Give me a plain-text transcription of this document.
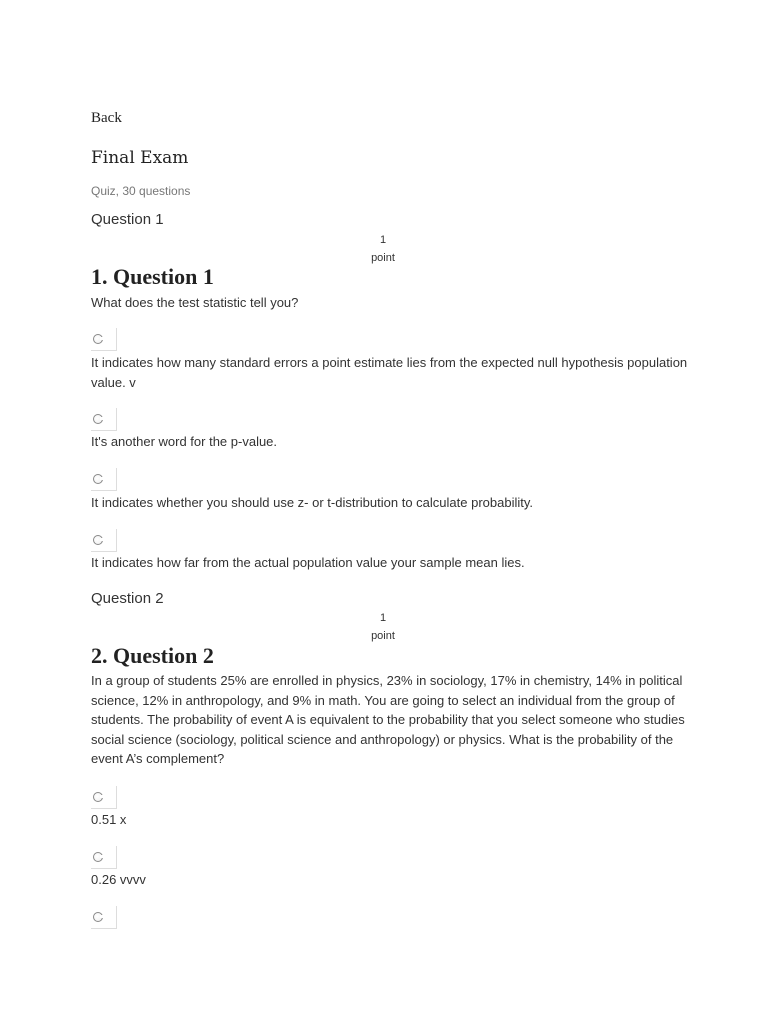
Back
Final Exam
Quiz, 30 questions
Question 1
1
point
1. Question 1
What does the test statistic tell you?
It indicates how many standard errors a point estimate lies from the expected null hypothesis population value. v
It's another word for the p-value.
It indicates whether you should use z- or t-distribution to calculate probability.
It indicates how far from the actual population value your sample mean lies.
Question 2
1
point
2. Question 2
In a group of students 25% are enrolled in physics, 23% in sociology, 17% in chemistry, 14% in political science, 12% in anthropology, and 9% in math. You are going to select an individual from the group of students. The probability of event A is equivalent to the probability that you select someone who studies social science (sociology, political science and anthropology) or physics. What is the probability of the event A’s complement?
0.51 x
0.26 vvvv
